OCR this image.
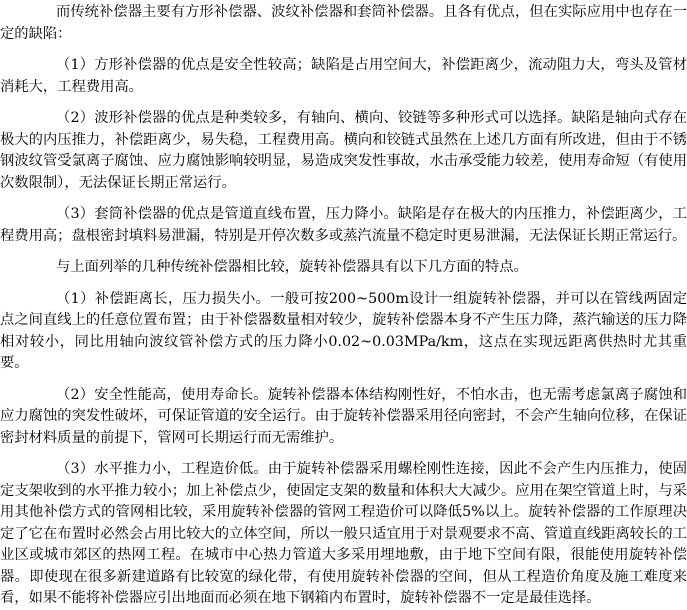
而传统补偿器主要有方形补偿器、波纹补偿器和套筒补偿器。且各有优点，但在实际应用中也存在一定的缺陷：

（1）方形补偿器的优点是安全性较高；缺陷是占用空间大，补偿距离少，流动阻力大，弯头及管材消耗大，工程费用高。

（2）波形补偿器的优点是种类较多，有轴向、横向、铰链等多种形式可以选择。缺陷是轴向式存在极大的内压推力，补偿距离少，易失稳，工程费用高。横向和铰链式虽然在上述几方面有所改进，但由于不锈钢波纹管受氯离子腐蚀、应力腐蚀影响较明显，易造成突发性事故，水击承受能力较差，使用寿命短（有使用次数限制），无法保证长期正常运行。

（3）套筒补偿器的优点是管道直线布置，压力降小。缺陷是存在极大的内压推力，补偿距离少，工程费用高；盘根密封填料易泄漏，特别是开停次数多或蒸汽流量不稳定时更易泄漏，无法保证长期正常运行。

与上面列举的几种传统补偿器相比较，旋转补偿器具有以下几方面的特点。

（1）补偿距离长，压力损失小。一般可按200~500m设计一组旋转补偿器，并可以在管线两固定点之间直线上的任意位置布置；由于补偿器数量相对较少，旋转补偿器本身不产生压力降，蒸汽输送的压力降相对较小，同比用轴向波纹管补偿方式的压力降小0.02~0.03MPa/km，这点在实现远距离供热时尤其重要。

（2）安全性能高，使用寿命长。旋转补偿器本体结构刚性好，不怕水击，也无需考虑氯离子腐蚀和应力腐蚀的突发性破坏，可保证管道的安全运行。由于旋转补偿器采用径向密封，不会产生轴向位移，在保证密封材料质量的前提下，管网可长期运行而无需维护。

（3）水平推力小，工程造价低。由于旋转补偿器采用螺栓刚性连接，因此不会产生内压推力，使固定支架收到的水平推力较小；加上补偿点少，使固定支架的数量和体积大大减少。应用在架空管道上时，与采用其他补偿方式的管网相比较，采用旋转补偿器的管网工程造价可以降低5%以上。旋转补偿器的工作原理决定了它在布置时必然会占用比较大的立体空间，所以一般只适宜用于对景观要求不高、管道直线距离较长的工业区或城市郊区的热网工程。在城市中心热力管道大多采用埋地敷，由于地下空间有限，很能使用旋转补偿器。即使现在很多新建道路有比较宽的绿化带，有使用旋转补偿器的空间，但从工程造价角度及施工难度来看，如果不能将补偿器应引出地面而必须在地下钢箱内布置时，旋转补偿器不一定是最佳选择。
